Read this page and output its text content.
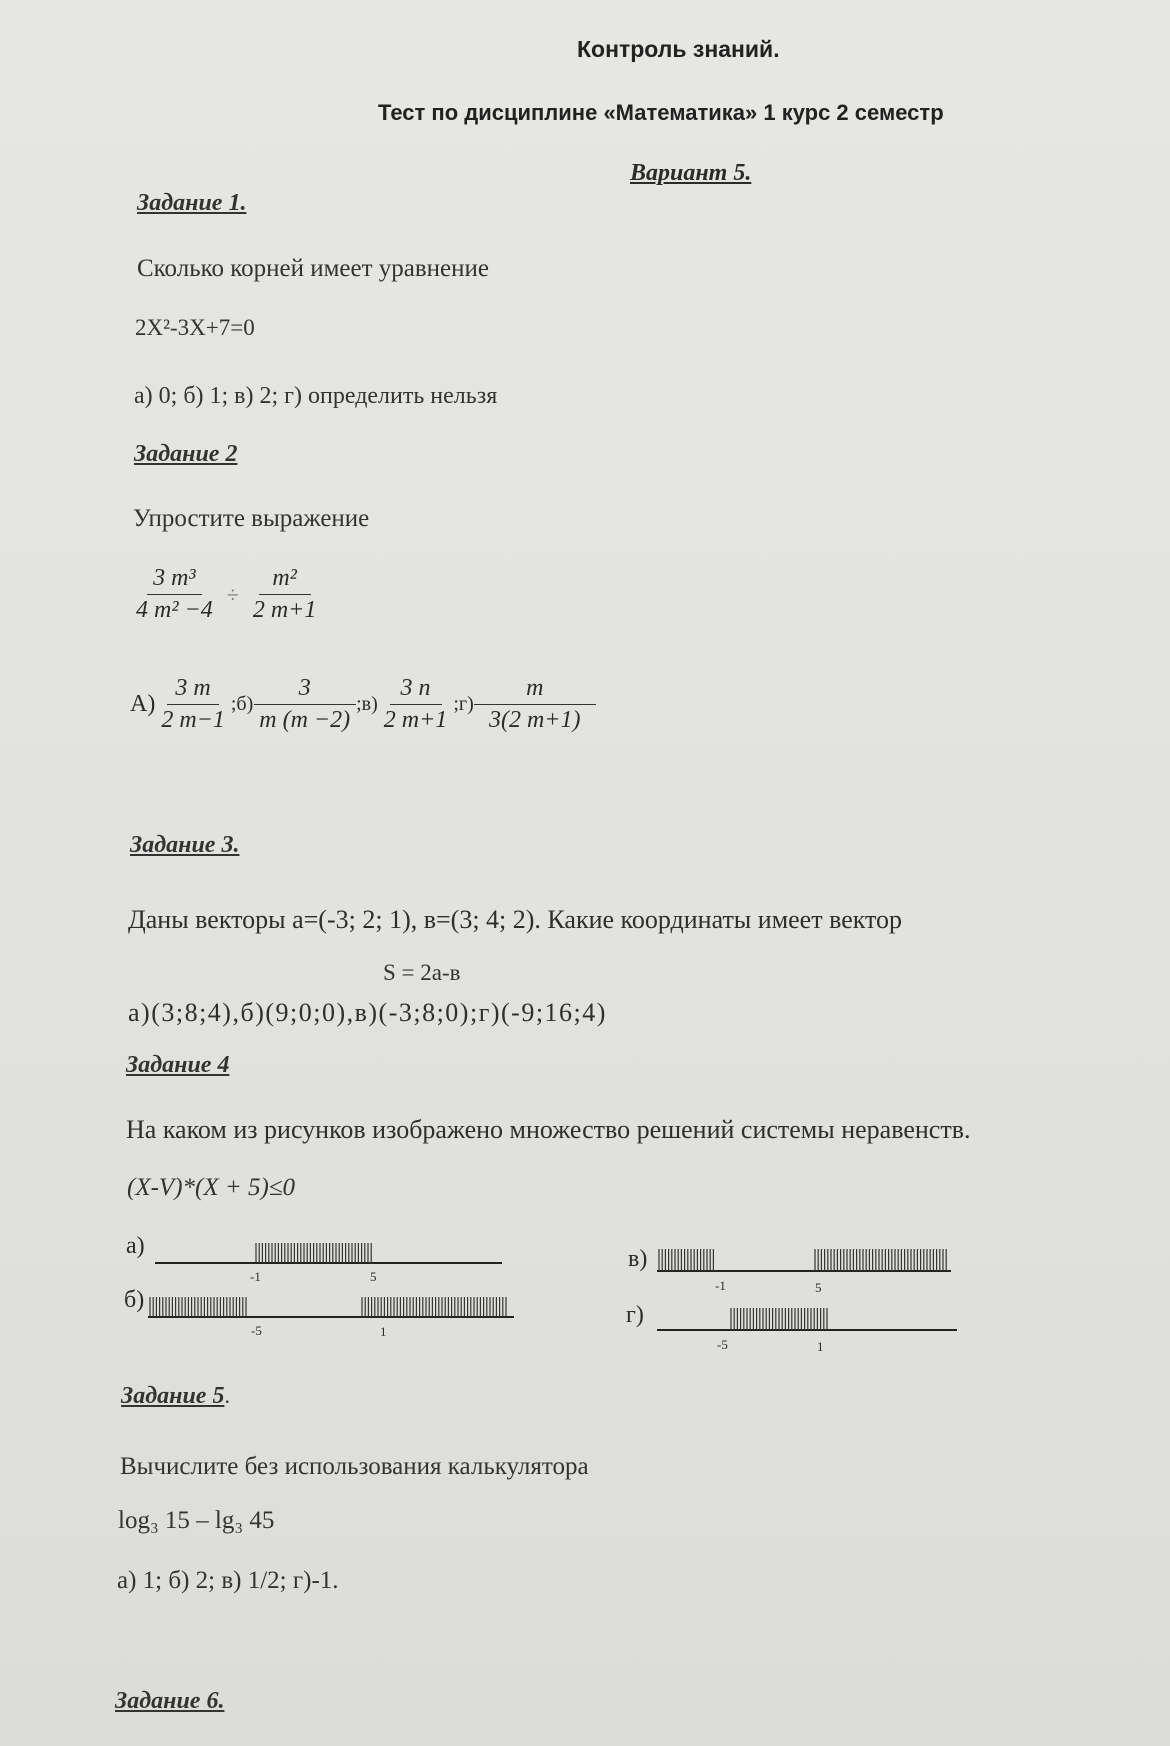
Контроль знаний.
Тест по дисциплине «Математика» 1 курс 2 семестр
Вариант 5.
Задание 1.
Сколько корней имеет уравнение
2X²-3X+7=0
а) 0; б) 1; в) 2; г) определить нельзя
Задание 2
Упростите выражение
$\frac{\text{3 m³}}{\text{4 m² −4}} \div \frac{\text{m²}}{2 m+1}$
$А) \frac{3 m}{2 m-1}$ ;б) $\frac{3}{m (m -2)}$ ;в) $\frac{3 n}{2 m+1}$ ;г) $\frac{m}{3(2 m+1)}$
Задание 3.
Даны векторы а=(-3; 2; 1), в=(3; 4; 2). Какие координаты имеет вектор
S = 2а-в
а)(3;8;4),б)(9;0;0),в)(-3;8;0);г)(-9;16;4)
Задание 4
На каком из рисунков изображено множество решений системы неравенств.
(X-V)*(X + 5)≤0
а)
-1	5
б)
-5	1
в)
-1	5
г)
-5	1
Задание 5.
Вычислите без использования калькулятора
log₃ 15 – lg₃ 45
а) 1; б) 2; в) 1/2; г)-1.
Задание 6.
